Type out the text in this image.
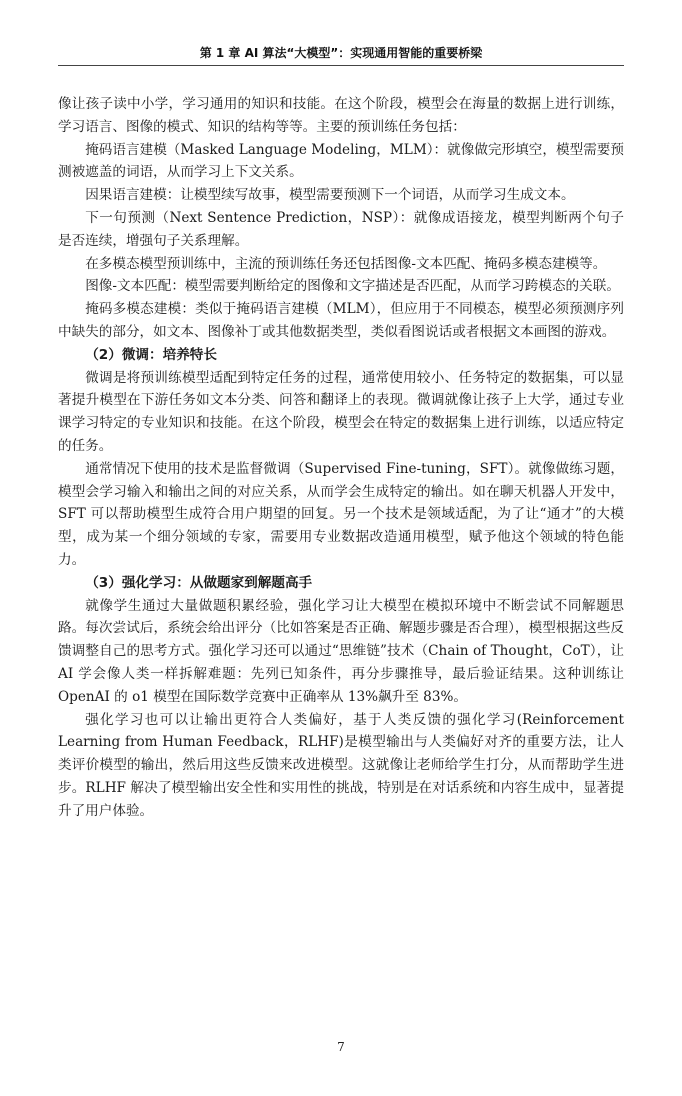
第 1 章 AI 算法“大模型”：实现通用智能的重要桥梁

像让孩子读中小学，学习通用的知识和技能。在这个阶段，模型会在海量的数据上进行训练，学习语言、图像的模式、知识的结构等等。主要的预训练任务包括：

掩码语言建模（Masked Language Modeling，MLM）：就像做完形填空，模型需要预测被遮盖的词语，从而学习上下文关系。

因果语言建模：让模型续写故事，模型需要预测下一个词语，从而学习生成文本。

下一句预测（Next Sentence Prediction，NSP）：就像成语接龙，模型判断两个句子是否连续，增强句子关系理解。

在多模态模型预训练中，主流的预训练任务还包括图像-文本匹配、掩码多模态建模等。

图像-文本匹配：模型需要判断给定的图像和文字描述是否匹配，从而学习跨模态的关联。

掩码多模态建模：类似于掩码语言建模（MLM），但应用于不同模态，模型必须预测序列中缺失的部分，如文本、图像补丁或其他数据类型，类似看图说话或者根据文本画图的游戏。

（2）微调：培养特长

微调是将预训练模型适配到特定任务的过程，通常使用较小、任务特定的数据集，可以显著提升模型在下游任务如文本分类、问答和翻译上的表现。微调就像让孩子上大学，通过专业课学习特定的专业知识和技能。在这个阶段，模型会在特定的数据集上进行训练，以适应特定的任务。

通常情况下使用的技术是监督微调（Supervised Fine-tuning，SFT）。就像做练习题，模型会学习输入和输出之间的对应关系，从而学会生成特定的输出。如在聊天机器人开发中，SFT 可以帮助模型生成符合用户期望的回复。另一个技术是领域适配，为了让“通才”的大模型，成为某一个细分领域的专家，需要用专业数据改造通用模型，赋予他这个领域的特色能力。

（3）强化学习：从做题家到解题高手

就像学生通过大量做题积累经验，强化学习让大模型在模拟环境中不断尝试不同解题思路。每次尝试后，系统会给出评分（比如答案是否正确、解题步骤是否合理），模型根据这些反馈调整自己的思考方式。强化学习还可以通过“思维链”技术（Chain of Thought，CoT），让 AI 学会像人类一样拆解难题：先列已知条件，再分步骤推导，最后验证结果。这种训练让 OpenAI 的 o1 模型在国际数学竞赛中正确率从 13%飙升至 83%。

强化学习也可以让输出更符合人类偏好，基于人类反馈的强化学习(Reinforcement Learning from Human Feedback，RLHF)是模型输出与人类偏好对齐的重要方法，让人类评价模型的输出，然后用这些反馈来改进模型。这就像让老师给学生打分，从而帮助学生进步。RLHF 解决了模型输出安全性和实用性的挑战，特别是在对话系统和内容生成中，显著提升了用户体验。

7
